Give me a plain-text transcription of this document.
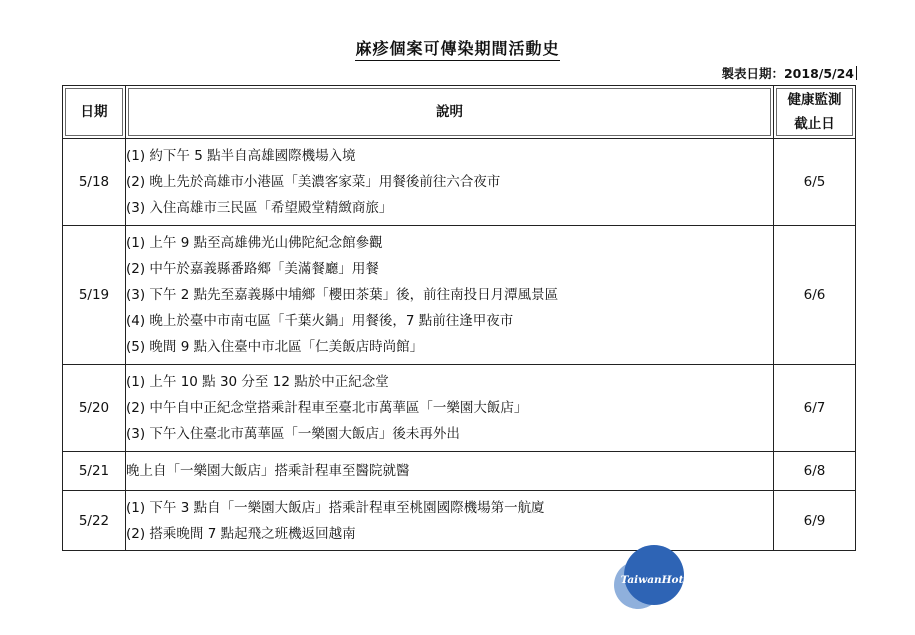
麻疹個案可傳染期間活動史
製表日期：2018/5/24
日期	說明	健康監測
截止日

5/18	(1) 約下午 5 點半自高雄國際機場入境
(2) 晚上先於高雄市小港區「美濃客家菜」用餐後前往六合夜市
(3) 入住高雄市三民區「希望殿堂精緻商旅」	6/5
5/19	(1) 上午 9 點至高雄佛光山佛陀紀念館參觀
(2) 中午於嘉義縣番路鄉「美滿餐廳」用餐
(3) 下午 2 點先至嘉義縣中埔鄉「櫻田茶葉」後，前往南投日月潭風景區
(4) 晚上於臺中市南屯區「千葉火鍋」用餐後，7 點前往逢甲夜市
(5) 晚間 9 點入住臺中市北區「仁美飯店時尚館」	6/6
5/20	(1) 上午 10 點 30 分至 12 點於中正紀念堂
(2) 中午自中正紀念堂搭乘計程車至臺北市萬華區「一樂園大飯店」
(3) 下午入住臺北市萬華區「一樂園大飯店」後未再外出	6/7
5/21	晚上自「一樂園大飯店」搭乘計程車至醫院就醫	6/8
5/22	(1) 下午 3 點自「一樂園大飯店」搭乘計程車至桃園國際機場第一航廈
(2) 搭乘晚間 7 點起飛之班機返回越南	6/9
TaiwanHot
